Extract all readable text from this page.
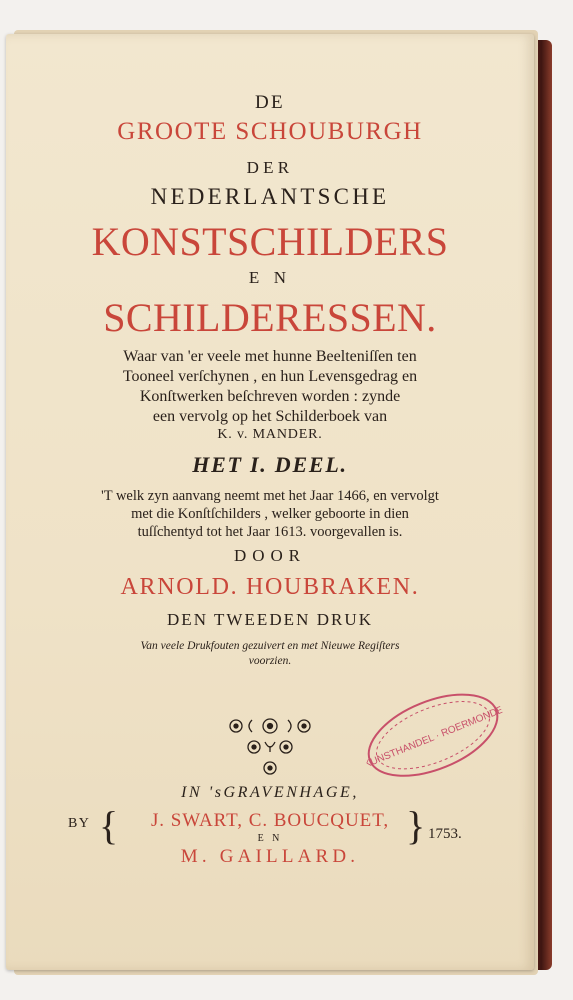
DE
GROOTE SCHOUBURGH
DER
NEDERLANTSCHE
KONSTSCHILDERS
E N
SCHILDERESSEN.
Waar van 'er veele met hunne Beelteniſſen ten
Tooneel verſchynen , en hun Levensgedrag en
Konſtwerken beſchreven worden : zynde
een vervolg op het Schilderboek van
K. v. MANDER.
HET I. DEEL.
'T welk zyn aanvang neemt met het Jaar 1466, en vervolgt
met die Konſtſchilders , welker geboorte in dien
tuſſchentyd tot het Jaar 1613. voorgevallen is.
DOOR
ARNOLD. HOUBRAKEN.
DEN TWEEDEN DRUK
Van veele Drukfouten gezuivert en met Nieuwe Regiſters
voorzien.
KUNSTHANDEL · ROERMONDE
IN 'sGRAVENHAGE,
BY {	J. SWART, C. BOUCQUET,
E N
M. GAILLARD.
} 1753.
